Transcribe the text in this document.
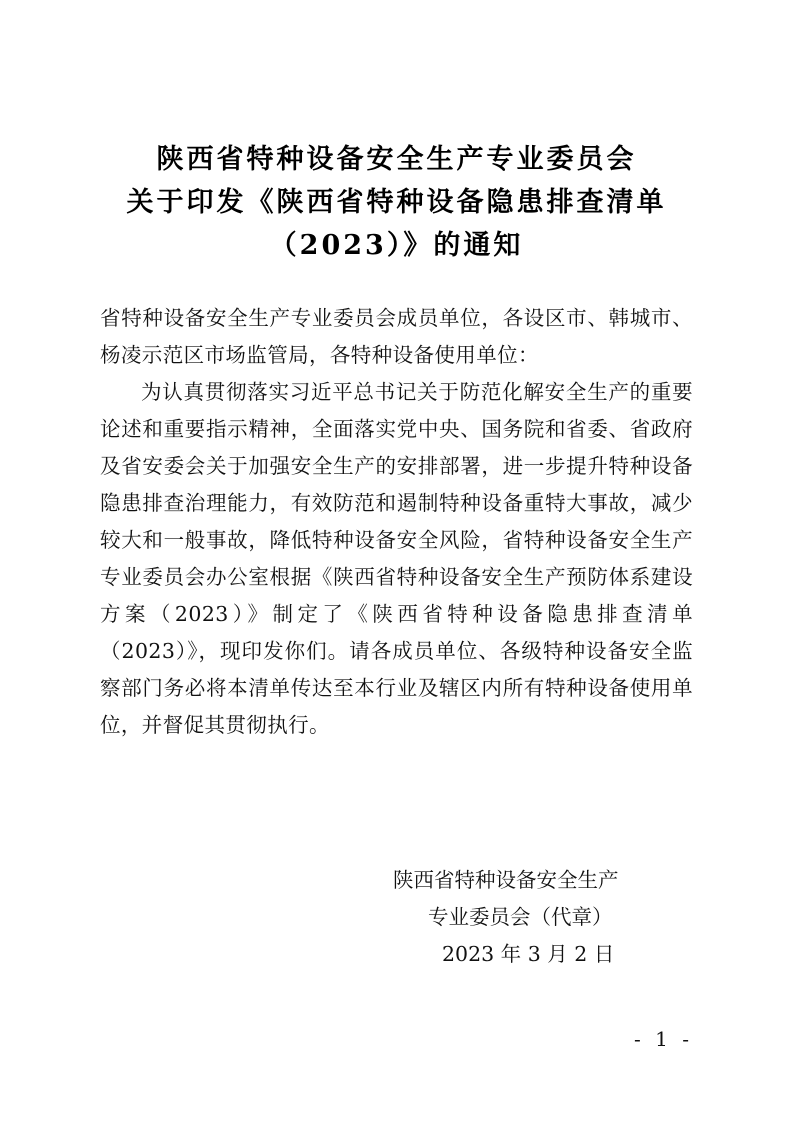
陕西省特种设备安全生产专业委员会
关于印发《陕西省特种设备隐患排查清单
（2023）》的通知

省特种设备安全生产专业委员会成员单位，各设区市、韩城市、杨凌示范区市场监管局，各特种设备使用单位：

为认真贯彻落实习近平总书记关于防范化解安全生产的重要论述和重要指示精神，全面落实党中央、国务院和省委、省政府及省安委会关于加强安全生产的安排部署，进一步提升特种设备隐患排查治理能力，有效防范和遏制特种设备重特大事故，减少较大和一般事故，降低特种设备安全风险，省特种设备安全生产专业委员会办公室根据《陕西省特种设备安全生产预防体系建设方案（2023）》制定了《陕西省特种设备隐患排查清单（2023）》，现印发你们。请各成员单位、各级特种设备安全监察部门务必将本清单传达至本行业及辖区内所有特种设备使用单位，并督促其贯彻执行。

陕西省特种设备安全生产
专业委员会（代章）
2023 年 3 月 2 日
- 1 -
